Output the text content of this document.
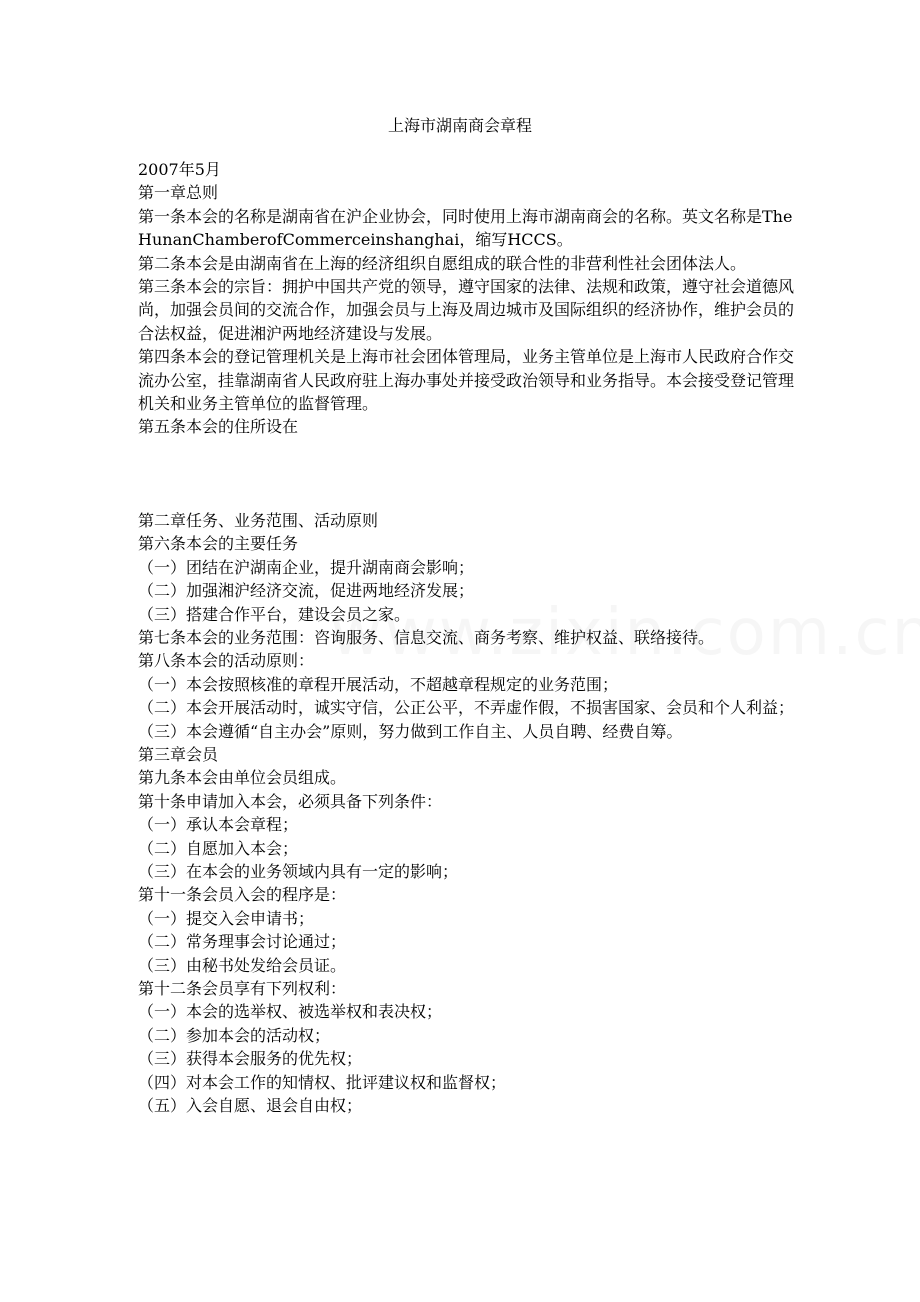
上海市湖南商会章程

2007年5月

第一章总则

第一条本会的名称是湖南省在沪企业协会，同时使用上海市湖南商会的名称。英文名称是TheHunanChamberofCommerceinshanghai，缩写HCCS。

第二条本会是由湖南省在上海的经济组织自愿组成的联合性的非营利性社会团体法人。

第三条本会的宗旨：拥护中国共产党的领导，遵守国家的法律、法规和政策，遵守社会道德风尚，加强会员间的交流合作，加强会员与上海及周边城市及国际组织的经济协作，维护会员的合法权益，促进湘沪两地经济建设与发展。

第四条本会的登记管理机关是上海市社会团体管理局，业务主管单位是上海市人民政府合作交流办公室，挂靠湖南省人民政府驻上海办事处并接受政治领导和业务指导。本会接受登记管理机关和业务主管单位的监督管理。

第五条本会的住所设在

第二章任务、业务范围、活动原则

第六条本会的主要任务

（一）团结在沪湖南企业，提升湖南商会影响；

（二）加强湘沪经济交流，促进两地经济发展；

（三）搭建合作平台，建设会员之家。

第七条本会的业务范围：咨询服务、信息交流、商务考察、维护权益、联络接待。

第八条本会的活动原则：

（一）本会按照核准的章程开展活动，不超越章程规定的业务范围；

（二）本会开展活动时，诚实守信，公正公平，不弄虚作假，不损害国家、会员和个人利益；

（三）本会遵循“自主办会”原则，努力做到工作自主、人员自聘、经费自筹。

第三章会员

第九条本会由单位会员组成。

第十条申请加入本会，必须具备下列条件：

（一）承认本会章程；

（二）自愿加入本会；

（三）在本会的业务领域内具有一定的影响；

第十一条会员入会的程序是：

（一）提交入会申请书；

（二）常务理事会讨论通过；

（三）由秘书处发给会员证。

第十二条会员享有下列权利：

（一）本会的选举权、被选举权和表决权；

（二）参加本会的活动权；

（三）获得本会服务的优先权；

（四）对本会工作的知情权、批评建议权和监督权；

（五）入会自愿、退会自由权；
